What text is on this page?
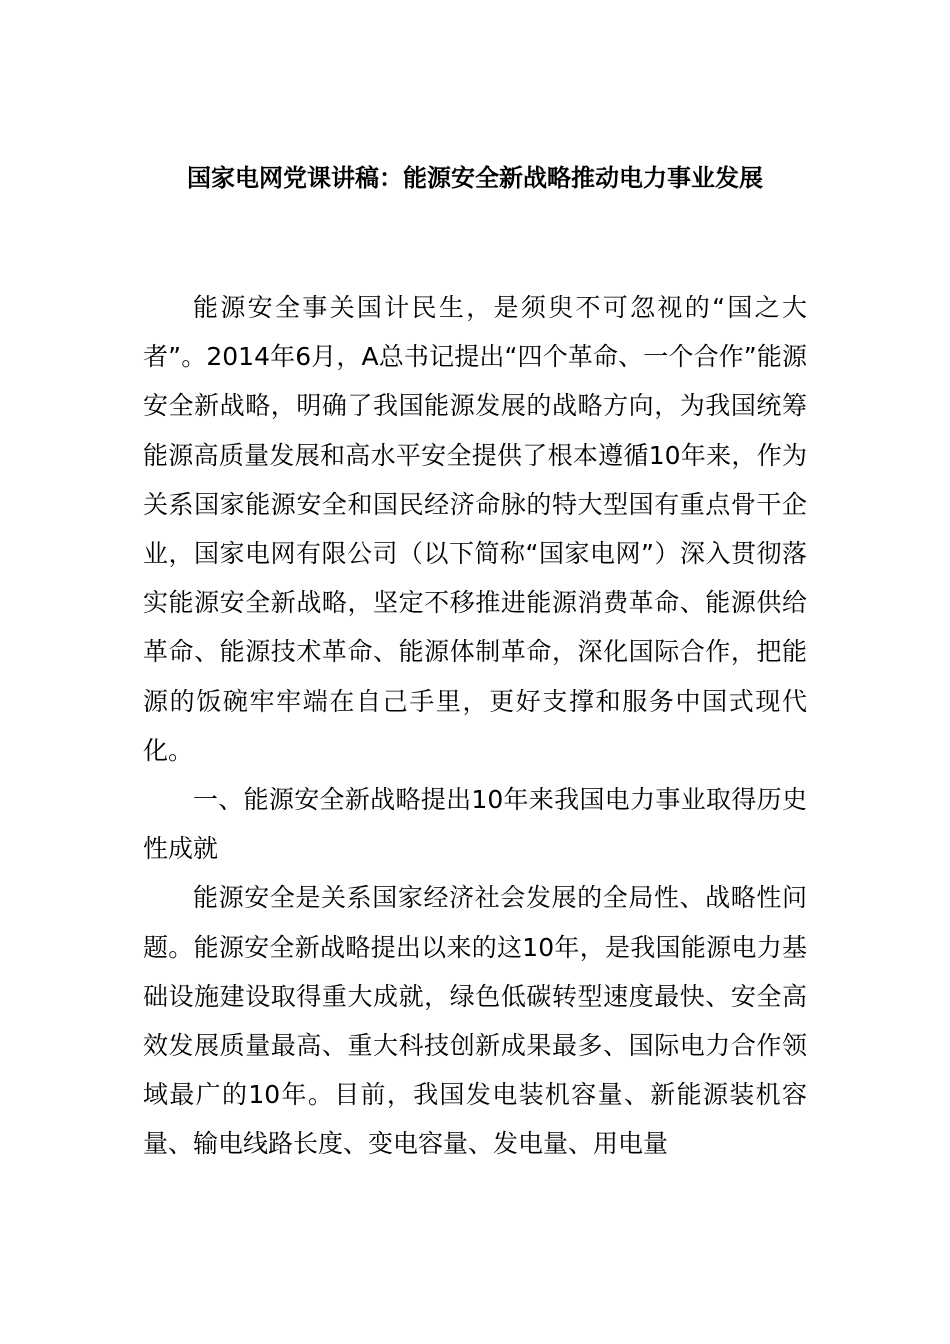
国家电网党课讲稿：能源安全新战略推动电力事业发展

能源安全事关国计民生，是须臾不可忽视的“国之大者”。2014年6月，A总书记提出“四个革命、一个合作”能源安全新战略，明确了我国能源发展的战略方向，为我国统筹能源高质量发展和高水平安全提供了根本遵循10年来，作为关系国家能源安全和国民经济命脉的特大型国有重点骨干企业，国家电网有限公司（以下简称“国家电网”）深入贯彻落实能源安全新战略，坚定不移推进能源消费革命、能源供给革命、能源技术革命、能源体制革命，深化国际合作，把能源的饭碗牢牢端在自己手里，更好支撑和服务中国式现代化。

一、能源安全新战略提出10年来我国电力事业取得历史性成就

能源安全是关系国家经济社会发展的全局性、战略性问题。能源安全新战略提出以来的这10年，是我国能源电力基础设施建设取得重大成就，绿色低碳转型速度最快、安全高效发展质量最高、重大科技创新成果最多、国际电力合作领域最广的10年。目前，我国发电装机容量、新能源装机容量、输电线路长度、变电容量、发电量、用电量
